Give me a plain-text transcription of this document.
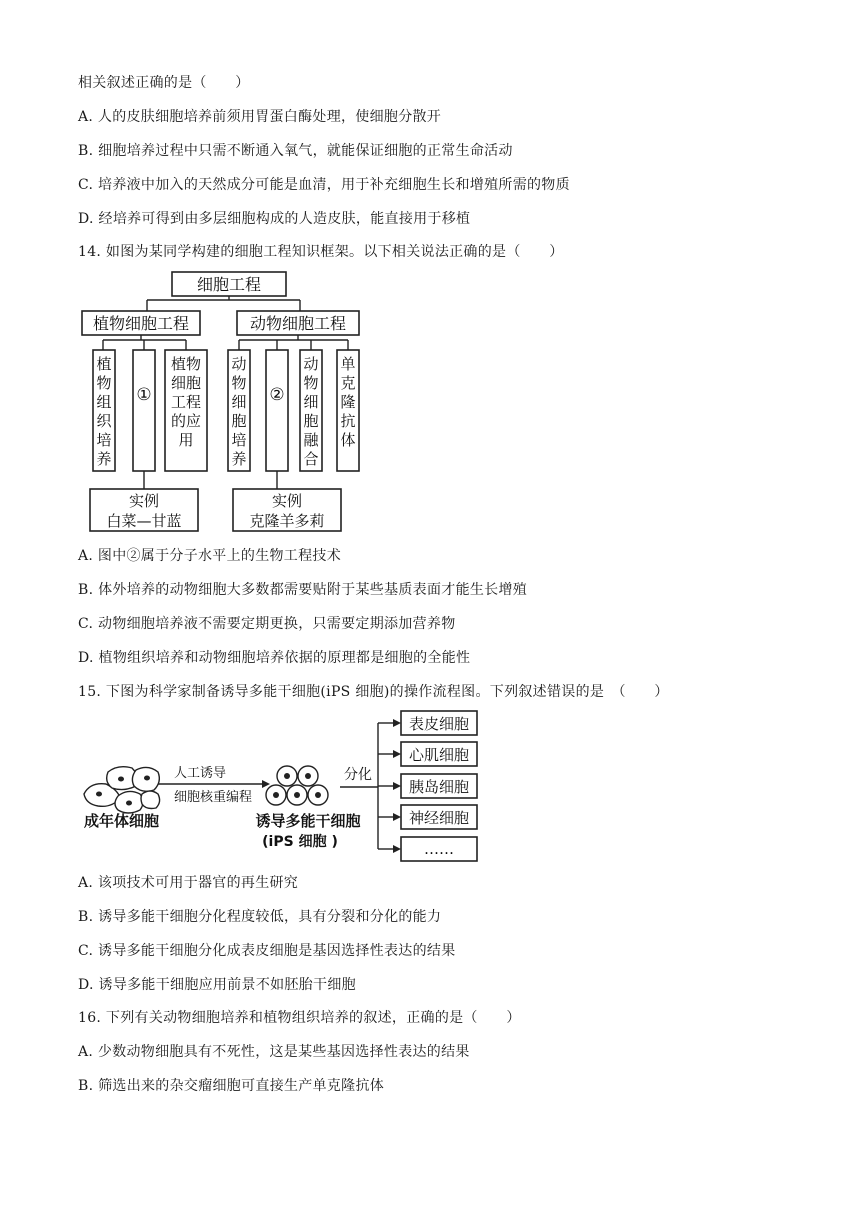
相关叙述正确的是（　　）
A. 人的皮肤细胞培养前须用胃蛋白酶处理，使细胞分散开
B. 细胞培养过程中只需不断通入氧气，就能保证细胞的正常生命活动
C. 培养液中加入的天然成分可能是血清，用于补充细胞生长和增殖所需的物质
D. 经培养可得到由多层细胞构成的人造皮肤，能直接用于移植
14. 如图为某同学构建的细胞工程知识框架。以下相关说法正确的是（　　）
细胞工程
植物细胞工程	动物细胞工程
植物组织培养
①
植物细胞工程的应用
动物细胞培养
②
动物细胞融合
单克隆抗体
实例
白菜—甘蓝
实例
克隆羊多莉
A. 图中②属于分子水平上的生物工程技术
B. 体外培养的动物细胞大多数都需要贴附于某些基质表面才能生长增殖
C. 动物细胞培养液不需要定期更换，只需要定期添加营养物
D. 植物组织培养和动物细胞培养依据的原理都是细胞的全能性
15. 下图为科学家制备诱导多能干细胞(iPS 细胞)的操作流程图。下列叙述错误的是　（　　）
成年体细胞
人工诱导
细胞核重编程
诱导多能干细胞
(iPS 细胞 )
分化
表皮细胞
心肌细胞
胰岛细胞
神经细胞
……
A. 该项技术可用于器官的再生研究
B. 诱导多能干细胞分化程度较低，具有分裂和分化的能力
C. 诱导多能干细胞分化成表皮细胞是基因选择性表达的结果
D. 诱导多能干细胞应用前景不如胚胎干细胞
16. 下列有关动物细胞培养和植物组织培养的叙述，正确的是（　　）
A. 少数动物细胞具有不死性，这是某些基因选择性表达的结果
B. 筛选出来的杂交瘤细胞可直接生产单克隆抗体
